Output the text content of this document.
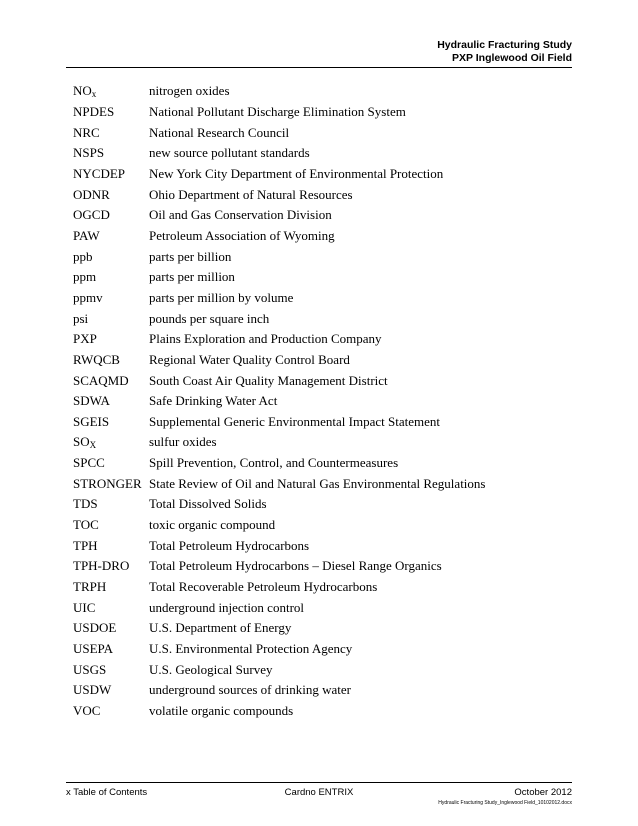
Hydraulic Fracturing Study
PXP Inglewood Oil Field
$NO_x$	nitrogen oxides
NPDES	National Pollutant Discharge Elimination System
NRC	National Research Council
NSPS	new source pollutant standards
NYCDEP	New York City Department of Environmental Protection
ODNR	Ohio Department of Natural Resources
OGCD	Oil and Gas Conservation Division
PAW	Petroleum Association of Wyoming
ppb	parts per billion
ppm	parts per million
ppmv	parts per million by volume
psi	pounds per square inch
PXP	Plains Exploration and Production Company
RWQCB	Regional Water Quality Control Board
SCAQMD	South Coast Air Quality Management District
SDWA	Safe Drinking Water Act
SGEIS	Supplemental Generic Environmental Impact Statement
$SO_X$	sulfur oxides
SPCC	Spill Prevention, Control, and Countermeasures
STRONGER State Review of Oil and Natural Gas Environmental Regulations
TDS	Total Dissolved Solids
TOC	toxic organic compound
TPH	Total Petroleum Hydrocarbons
TPH-DRO	Total Petroleum Hydrocarbons – Diesel Range Organics
TRPH	Total Recoverable Petroleum Hydrocarbons
UIC	underground injection control
USDOE	U.S. Department of Energy
USEPA	U.S. Environmental Protection Agency
USGS	U.S. Geological Survey
USDW	underground sources of drinking water
VOC	volatile organic compounds
x Table of Contents	Cardno ENTRIX	October 2012
Hydraulic Fracturing Study_Inglewood Field_10102012.docx
